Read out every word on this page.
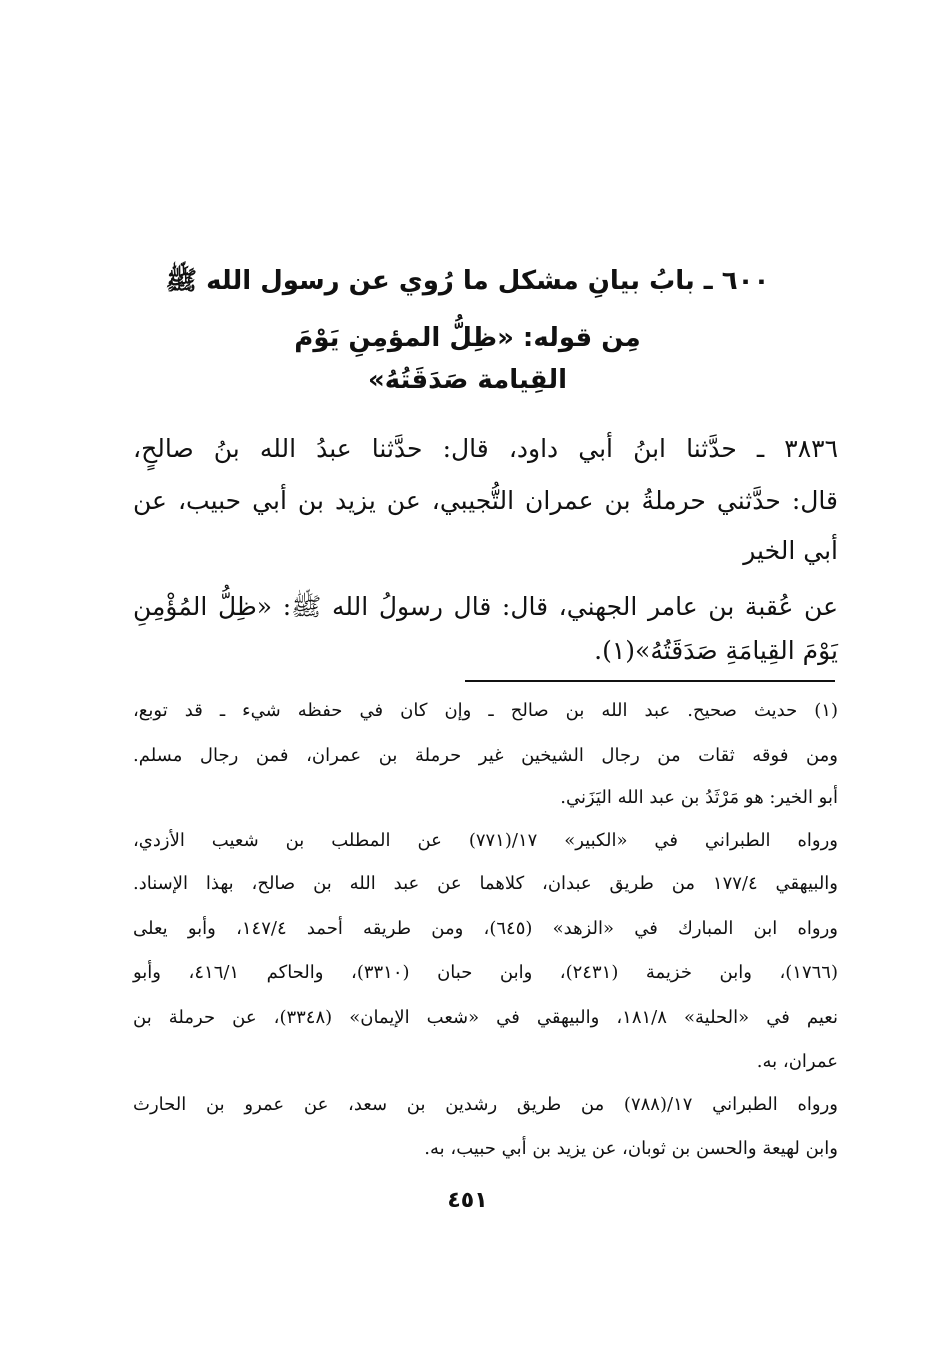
٦٠٠ ـ بابُ بيانِ مشكل ما رُوي عن رسول الله ﷺ
مِن قوله: «ظِلُّ المؤمِنِ يَوْمَ
القِيامة صَدَقَتُهُ»
٣٨٣٦ ـ حدَّثنا ابنُ أبي داود، قال: حدَّثنا عبدُ الله بنُ صالحٍ،
قال: حدَّثني حرملةُ بن عمران التُّجيبي، عن يزيد بن أبي حبيب، عن
أبي الخير
عن عُقبة بن عامر الجهني، قال: قال رسولُ الله ﷺ: «ظِلُّ المُؤْمِنِ
يَوْمَ القِيامَةِ صَدَقَتُهُ»(١).
(١) حديث صحيح. عبد الله بن صالح ـ وإن كان في حفظه شيء ـ قد توبع،
ومن فوقه ثقات من رجال الشيخين غير حرملة بن عمران، فمن رجال مسلم.
أبو الخير: هو مَرْثَدُ بن عبد الله اليَزَني.
ورواه الطبراني في «الكبير» ١٧/(٧٧١) عن المطلب بن شعيب الأزدي،
والبيهقي ١٧٧/٤ من طريق عبدان، كلاهما عن عبد الله بن صالح، بهذا الإسناد.
ورواه ابن المبارك في «الزهد» (٦٤٥)، ومن طريقه أحمد ١٤٧/٤، وأبو يعلى
(١٧٦٦)، وابن خزيمة (٢٤٣١)، وابن حبان (٣٣١٠)، والحاكم ٤١٦/١، وأبو
نعيم في «الحلية» ١٨١/٨، والبيهقي في «شعب الإيمان» (٣٣٤٨)، عن حرملة بن
عمران، به.
ورواه الطبراني ١٧/(٧٨٨) من طريق رشدين بن سعد، عن عمرو بن الحارث
وابن لهيعة والحسن بن ثوبان، عن يزيد بن أبي حبيب، به.
٤٥١
